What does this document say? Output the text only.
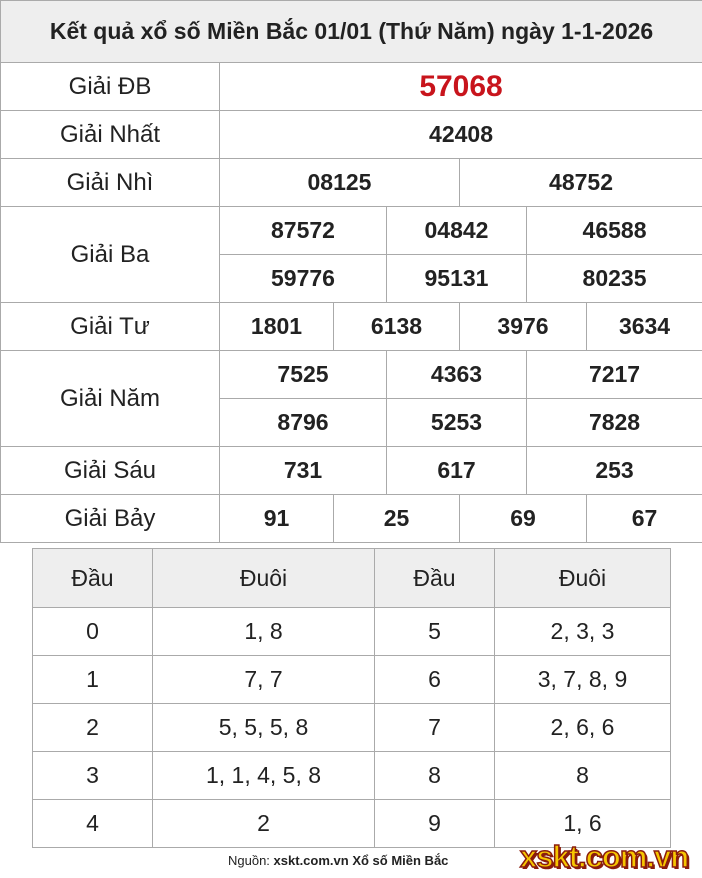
Kết quả xổ số Miền Bắc 01/01 (Thứ Năm) ngày 1-1-2026						
Giải ĐB	57068					
Giải Nhất	42408					
Giải Nhì	08125			48752		
Giải Ba	87572		04842		46588	
	59776		95131		80235	
Giải Tư	1801	6138		3976		3634
Giải Năm	7525		4363		7217	
	8796		5253		7828	
Giải Sáu	731		617		253	
Giải Bảy	91	25		69		67
Đầu	Đuôi	Đầu	Đuôi
0	1, 8	5	2, 3, 3
1	7, 7	6	3, 7, 8, 9
2	5, 5, 5, 8	7	2, 6, 6
3	1, 1, 4, 5, 8	8	8
4	2	9	1, 6
Nguồn: xskt.com.vn Xổ số Miền Bắc xskt.com.vn
